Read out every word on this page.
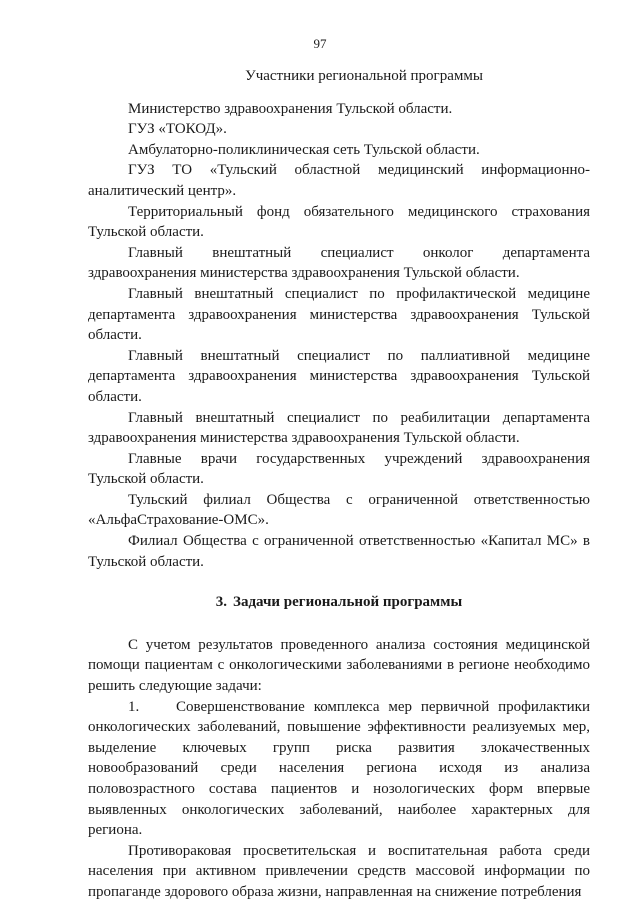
97
Участники региональной программы

Министерство здравоохранения Тульской области.

ГУЗ «ТОКОД».

Амбулаторно-поликлиническая сеть Тульской области.

ГУЗ ТО «Тульский областной медицинский информационно-аналитический центр».

Территориальный фонд обязательного медицинского страхования Тульской области.

Главный внештатный специалист онколог департамента здравоохранения министерства здравоохранения Тульской области.

Главный внештатный специалист по профилактической медицине департамента здравоохранения министерства здравоохранения Тульской области.

Главный внештатный специалист по паллиативной медицине департамента здравоохранения министерства здравоохранения Тульской области.

Главный внештатный специалист по реабилитации департамента здравоохранения министерства здравоохранения Тульской области.

Главные врачи государственных учреждений здравоохранения Тульской области.

Тульский филиал Общества с ограниченной ответственностью «АльфаСтрахование-ОМС».

Филиал Общества с ограниченной ответственностью «Капитал МС» в Тульской области.

3. Задачи региональной программы

С учетом результатов проведенного анализа состояния медицинской помощи пациентам с онкологическими заболеваниями в регионе необходимо решить следующие задачи:

1. Совершенствование комплекса мер первичной профилактики онкологических заболеваний, повышение эффективности реализуемых мер, выделение ключевых групп риска развития злокачественных новообразований среди населения региона исходя из анализа половозрастного состава пациентов и нозологических форм впервые выявленных онкологических заболеваний, наиболее характерных для региона.

Противораковая просветительская и воспитательная работа среди населения при активном привлечении средств массовой информации по пропаганде здорового образа жизни, направленная на снижение потребления
